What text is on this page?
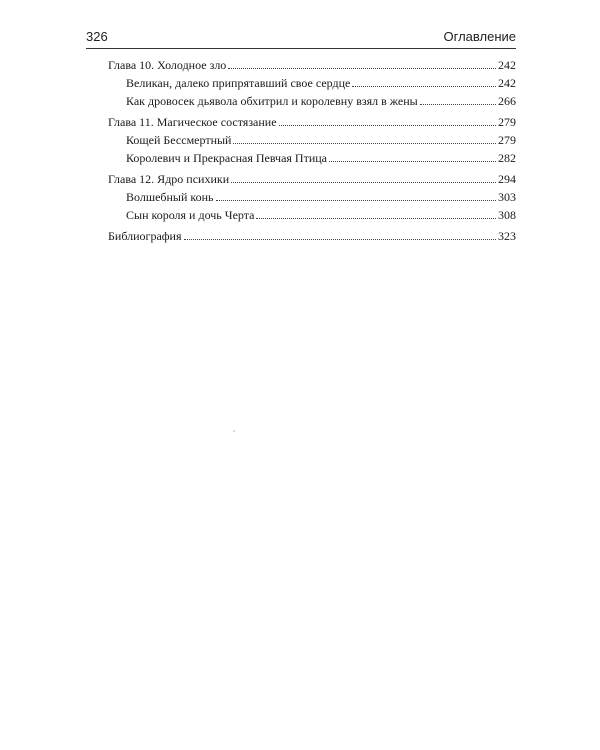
326	Оглавление
Глава 10. Холодное зло	242
Великан, далеко припрятавший свое сердце	242
Как дровосек дьявола обхитрил и королевну взял в жены	266
Глава 11. Магическое состязание	279
Кощей Бессмертный	279
Королевич и Прекрасная Певчая Птица	282
Глава 12. Ядро психики	294
Волшебный конь	303
Сын короля и дочь Черта	308
Библиография	323
